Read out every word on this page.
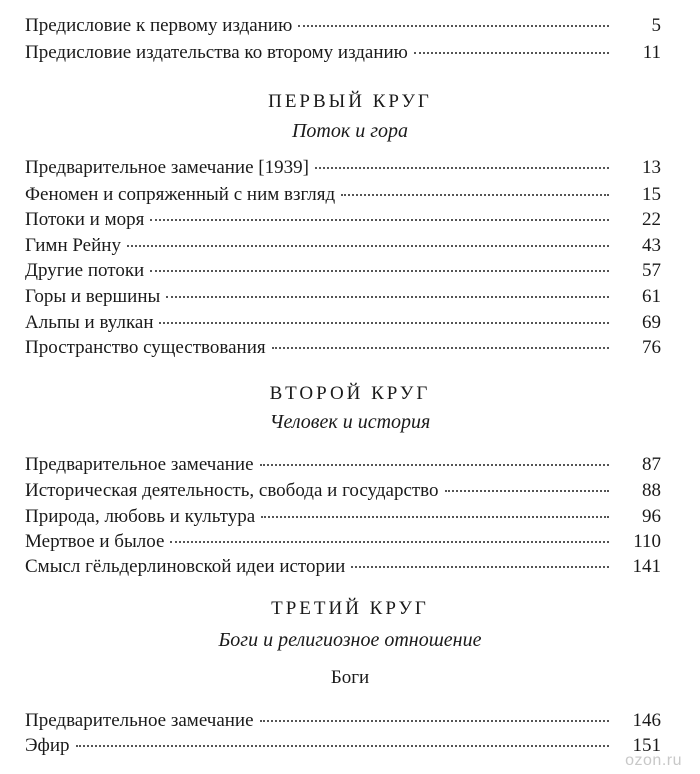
Предисловие к первому изданию	5
Предисловие издательства ко второму изданию	11
ПЕРВЫЙ КРУГ
Поток и гора
Предварительное замечание [1939]	13
Феномен и сопряженный с ним взгляд	15
Потоки и моря	22
Гимн Рейну	43
Другие потоки	57
Горы и вершины	61
Альпы и вулкан	69
Пространство существования	76
ВТОРОЙ КРУГ
Человек и история
Предварительное замечание	87
Историческая деятельность, свобода и государство	88
Природа, любовь и культура	96
Мертвое и былое	110
Смысл гёльдерлиновской идеи истории	141
ТРЕТИЙ КРУГ
Боги и религиозное отношение
Боги
Предварительное замечание	146
Эфир	151
ozon.ru
